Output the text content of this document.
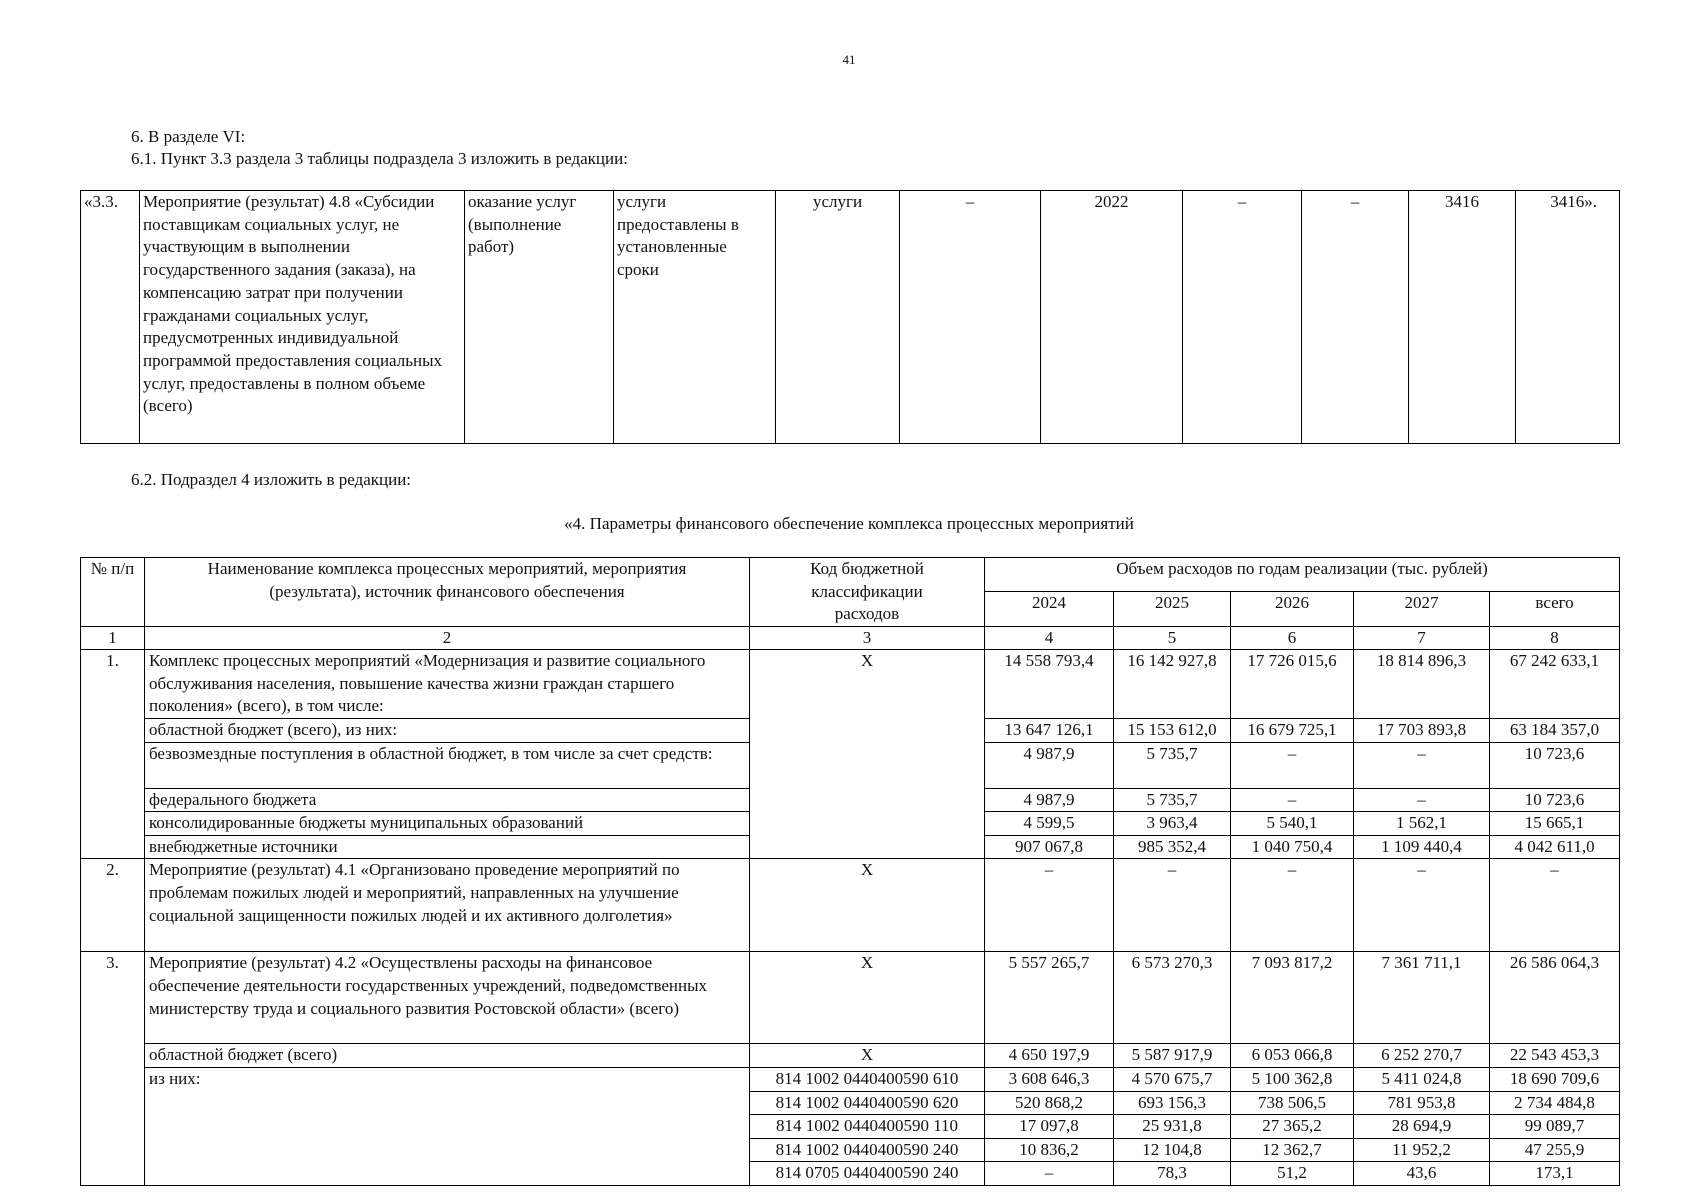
41
6. В разделе VI:
6.1. Пункт 3.3 раздела 3 таблицы подраздела 3 изложить в редакции:
«3.3.	Мероприятие (результат) 4.8 «Субсидии поставщикам социальных услуг, не участвующим в выполнении государственного задания (заказа), на компенсацию затрат при получении гражданами социальных услуг, предусмотренных индивидуальной программой предоставления социальных услуг, предоставлены в полном объеме (всего)	оказание услуг (выполнение работ)	услуги предоставлены в установленные сроки	услуги	–	2022	–	–	3416	3416».
6.2. Подраздел 4 изложить в редакции:
«4. Параметры финансового обеспечение комплекса процессных мероприятий
№ п/п	Наименование комплекса процессных мероприятий, мероприятия (результата), источник финансового обеспечения	Код бюджетной классификации расходов	Объем расходов по годам реализации (тыс. рублей)				
			2024	2025	2026	2027	всего
1	2	3	4	5	6	7	8
1.	Комплекс процессных мероприятий «Модернизация и развитие социального обслуживания населения, повышение качества жизни граждан старшего поколения» (всего), в том числе:	Х	14 558 793,4	16 142 927,8	17 726 015,6	18 814 896,3	67 242 633,1
	областной бюджет (всего), из них:		13 647 126,1	15 153 612,0	16 679 725,1	17 703 893,8	63 184 357,0
	безвозмездные поступления в областной бюджет, в том числе за счет средств:		4 987,9	5 735,7	–	–	10 723,6
	федерального бюджета		4 987,9	5 735,7	–	–	10 723,6
	консолидированные бюджеты муниципальных образований		4 599,5	3 963,4	5 540,1	1 562,1	15 665,1
	внебюджетные источники		907 067,8	985 352,4	1 040 750,4	1 109 440,4	4 042 611,0
2.	Мероприятие (результат) 4.1 «Организовано проведение мероприятий по проблемам пожилых людей и мероприятий, направленных на улучшение социальной защищенности пожилых людей и их активного долголетия»	Х	–	–	–	–	–
3.	Мероприятие (результат) 4.2 «Осуществлены расходы на финансовое обеспечение деятельности государственных учреждений, подведомственных министерству труда и социального развития Ростовской области» (всего)	Х	5 557 265,7	6 573 270,3	7 093 817,2	7 361 711,1	26 586 064,3
	областной бюджет (всего)	Х	4 650 197,9	5 587 917,9	6 053 066,8	6 252 270,7	22 543 453,3
	из них:	814 1002 0440400590 610	3 608 646,3	4 570 675,7	5 100 362,8	5 411 024,8	18 690 709,6
		814 1002 0440400590 620	520 868,2	693 156,3	738 506,5	781 953,8	2 734 484,8
		814 1002 0440400590 110	17 097,8	25 931,8	27 365,2	28 694,9	99 089,7
		814 1002 0440400590 240	10 836,2	12 104,8	12 362,7	11 952,2	47 255,9
		814 0705 0440400590 240	–	78,3	51,2	43,6	173,1
